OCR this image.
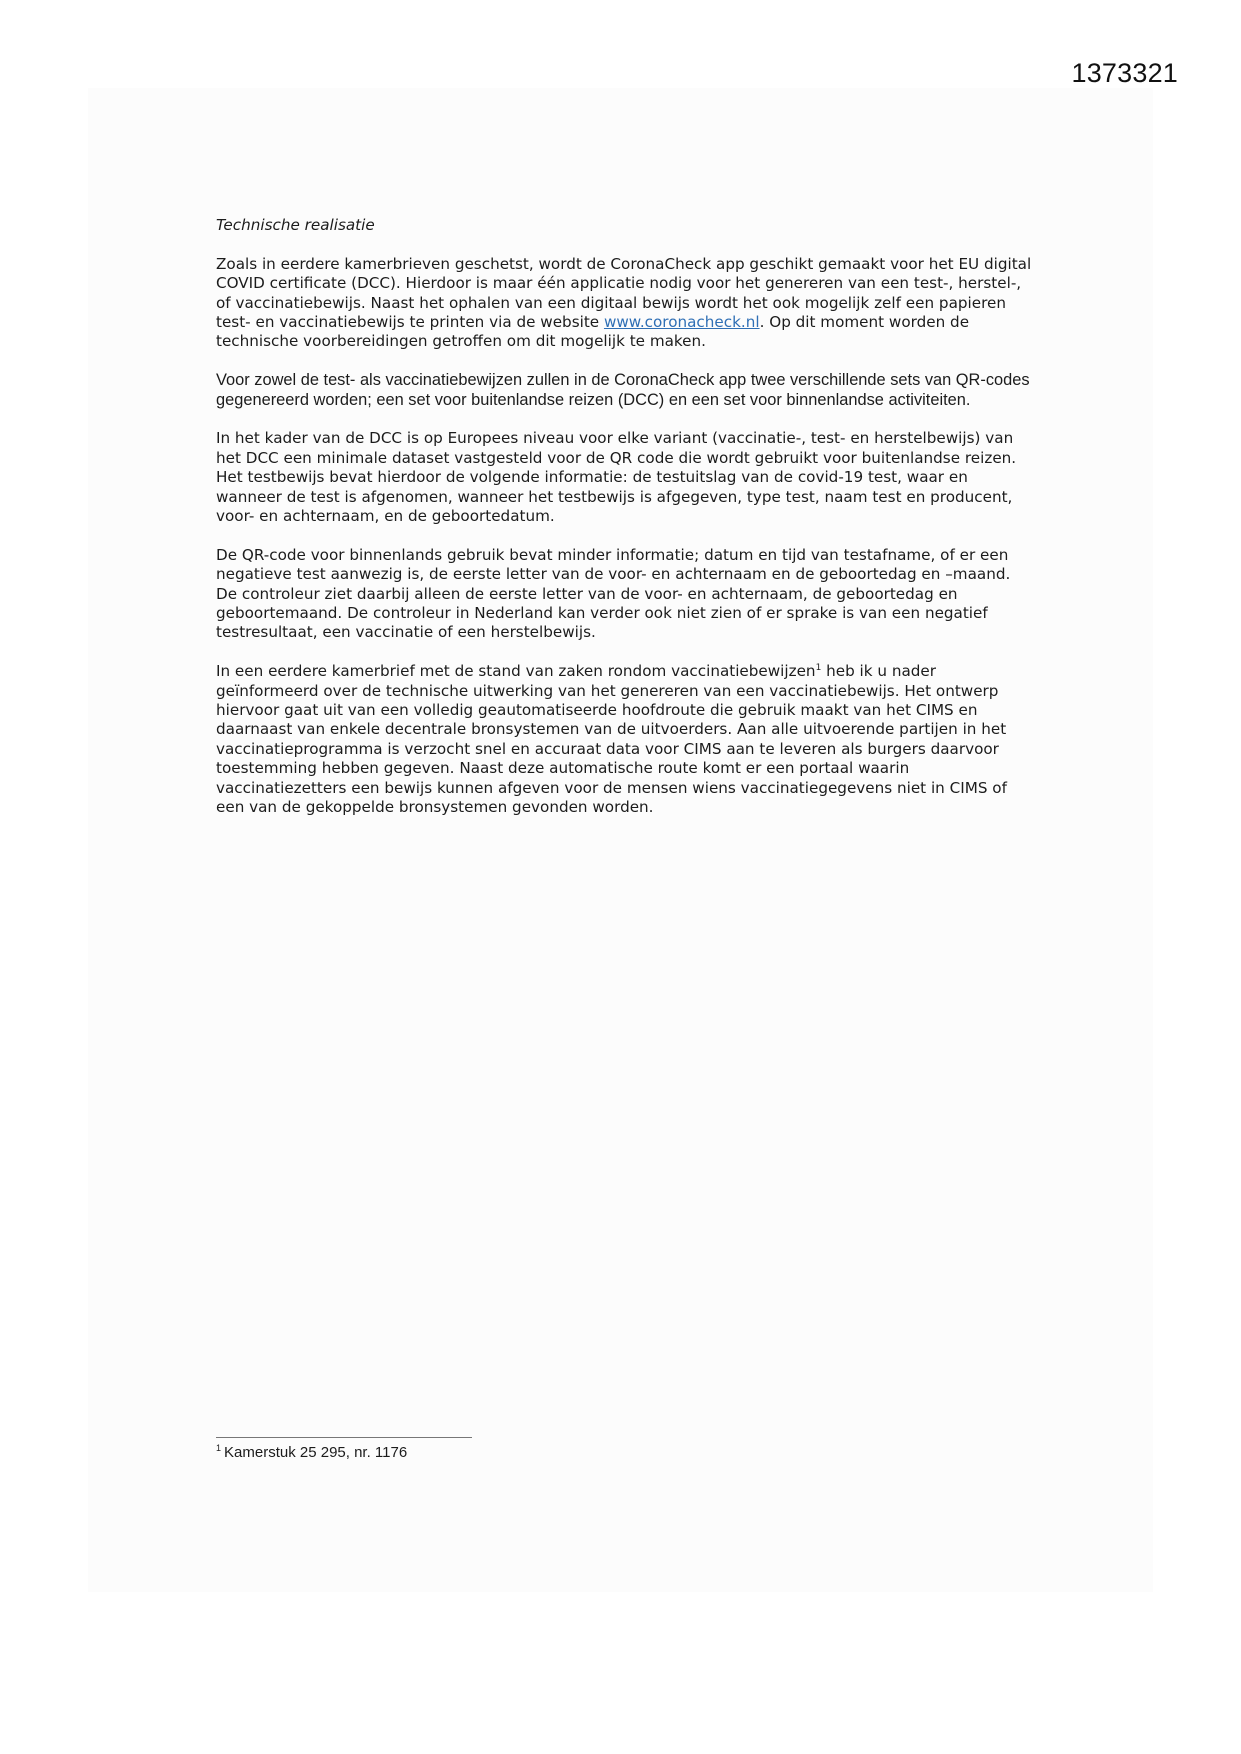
1373321

Technische realisatie

Zoals in eerdere kamerbrieven geschetst, wordt de CoronaCheck app geschikt gemaakt voor het EU digital COVID certificate (DCC). Hierdoor is maar één applicatie nodig voor het genereren van een test-, herstel-, of vaccinatiebewijs. Naast het ophalen van een digitaal bewijs wordt het ook mogelijk zelf een papieren test- en vaccinatiebewijs te printen via de website www.coronacheck.nl. Op dit moment worden de technische voorbereidingen getroffen om dit mogelijk te maken.

Voor zowel de test- als vaccinatiebewijzen zullen in de CoronaCheck app twee verschillende sets van QR-codes gegenereerd worden; een set voor buitenlandse reizen (DCC) en een set voor binnenlandse activiteiten.

In het kader van de DCC is op Europees niveau voor elke variant (vaccinatie-, test- en herstelbewijs) van het DCC een minimale dataset vastgesteld voor de QR code die wordt gebruikt voor buitenlandse reizen. Het testbewijs bevat hierdoor de volgende informatie: de testuitslag van de covid-19 test, waar en wanneer de test is afgenomen, wanneer het testbewijs is afgegeven, type test, naam test en producent, voor- en achternaam, en de geboortedatum.

De QR-code voor binnenlands gebruik bevat minder informatie; datum en tijd van testafname, of er een negatieve test aanwezig is, de eerste letter van de voor- en achternaam en de geboortedag en –maand. De controleur ziet daarbij alleen de eerste letter van de voor- en achternaam, de geboortedag en geboortemaand. De controleur in Nederland kan verder ook niet zien of er sprake is van een negatief testresultaat, een vaccinatie of een herstelbewijs.

In een eerdere kamerbrief met de stand van zaken rondom vaccinatiebewijzen$^1$ heb ik u nader geïnformeerd over de technische uitwerking van het genereren van een vaccinatiebewijs. Het ontwerp hiervoor gaat uit van een volledig geautomatiseerde hoofdroute die gebruik maakt van het CIMS en daarnaast van enkele decentrale bronsystemen van de uitvoerders. Aan alle uitvoerende partijen in het vaccinatieprogramma is verzocht snel en accuraat data voor CIMS aan te leveren als burgers daarvoor toestemming hebben gegeven. Naast deze automatische route komt er een portaal waarin vaccinatiezetters een bewijs kunnen afgeven voor de mensen wiens vaccinatiegegevens niet in CIMS of een van de gekoppelde bronsystemen gevonden worden.

$^1$ Kamerstuk 25 295, nr. 1176
